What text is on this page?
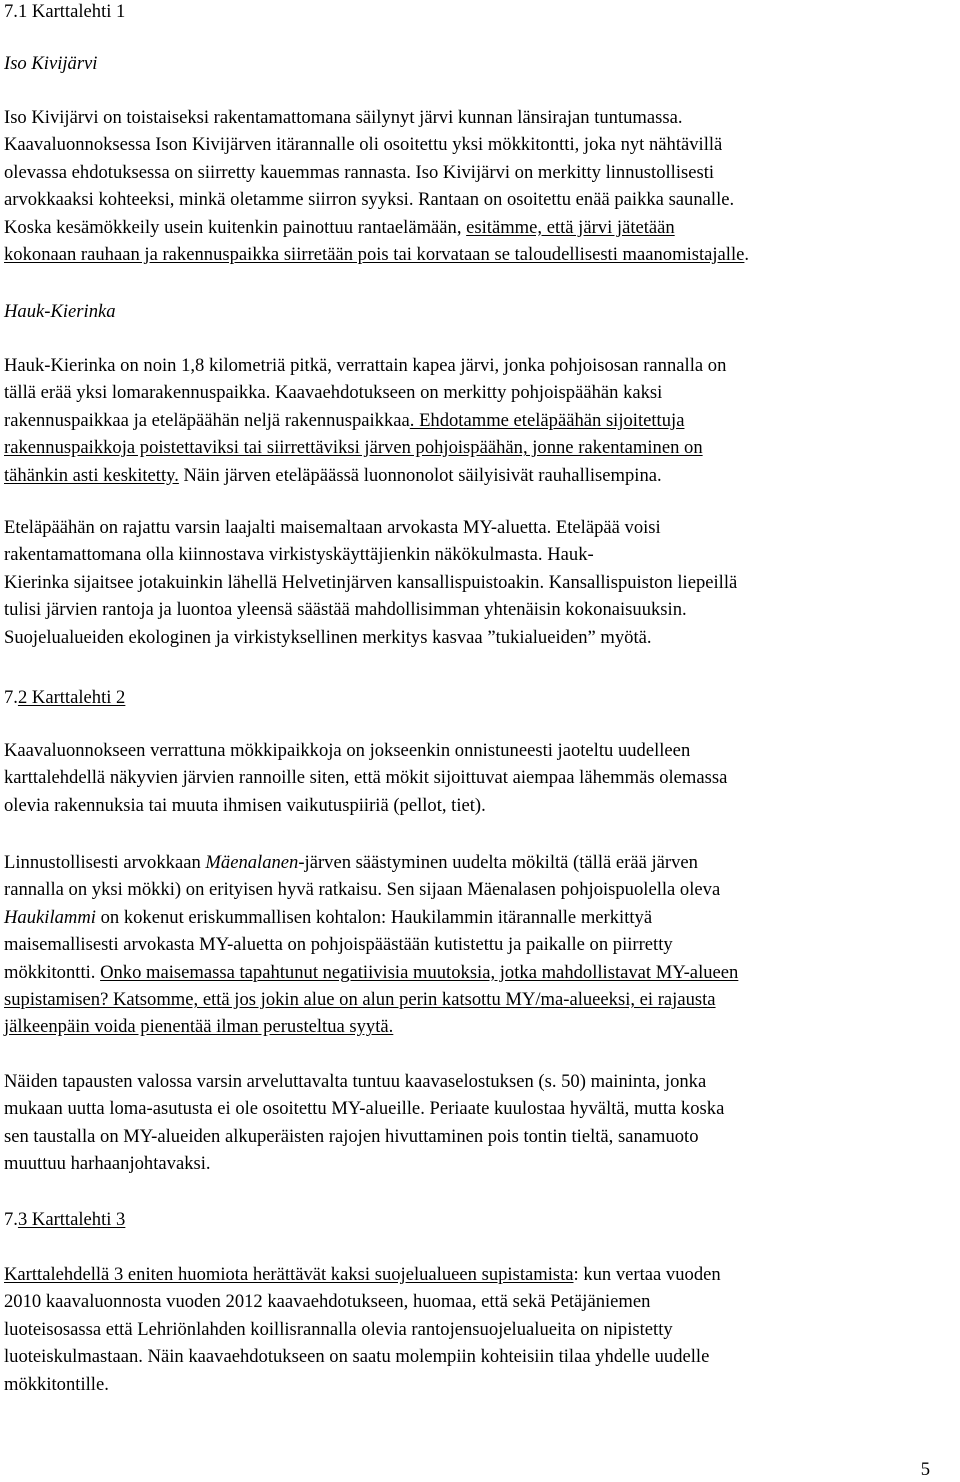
7.1 Karttalehti 1
Iso Kivijärvi
Iso Kivijärvi on toistaiseksi rakentamattomana säilynyt järvi kunnan länsirajan tuntumassa.
Kaavaluonnoksessa Ison Kivijärven itärannalle oli osoitettu yksi mökkitontti, joka nyt nähtävillä
olevassa ehdotuksessa on siirretty kauemmas rannasta. Iso Kivijärvi on merkitty linnustollisesti
arvokkaaksi kohteeksi, minkä oletamme siirron syyksi. Rantaan on osoitettu enää paikka saunalle.
Koska kesämökkeily usein kuitenkin painottuu rantaelämään, esitämme, että järvi jätetään
kokonaan rauhaan ja rakennuspaikka siirretään pois tai korvataan se taloudellisesti maanomistajalle.
Hauk-Kierinka
Hauk-Kierinka on noin 1,8 kilometriä pitkä, verrattain kapea järvi, jonka pohjoisosan rannalla on
tällä erää yksi lomarakennuspaikka. Kaavaehdotukseen on merkitty pohjoispäähän kaksi
rakennuspaikkaa ja eteläpäähän neljä rakennuspaikkaa. Ehdotamme eteläpäähän sijoitettuja
rakennuspaikkoja poistettaviksi tai siirrettäviksi järven pohjoispäähän, jonne rakentaminen on
tähänkin asti keskitetty. Näin järven eteläpäässä luonnonolot säilyisivät rauhallisempina.
Eteläpäähän on rajattu varsin laajalti maisemaltaan arvokasta MY-aluetta. Eteläpää voisi
rakentamattomana olla kiinnostava virkistyskäyttäjienkin näkökulmasta. Hauk-
Kierinka sijaitsee jotakuinkin lähellä Helvetinjärven kansallispuistoakin. Kansallispuiston liepeillä
tulisi järvien rantoja ja luontoa yleensä säästää mahdollisimman yhtenäisin kokonaisuuksin.
Suojelualueiden ekologinen ja virkistyksellinen merkitys kasvaa ”tukialueiden” myötä.
7.2 Karttalehti 2
Kaavaluonnokseen verrattuna mökkipaikkoja on jokseenkin onnistuneesti jaoteltu uudelleen
karttalehdellä näkyvien järvien rannoille siten, että mökit sijoittuvat aiempaa lähemmäs olemassa
olevia rakennuksia tai muuta ihmisen vaikutuspiiriä (pellot, tiet).
Linnustollisesti arvokkaan Mäenalanen-järven säästyminen uudelta mökiltä (tällä erää järven
rannalla on yksi mökki) on erityisen hyvä ratkaisu. Sen sijaan Mäenalasen pohjoispuolella oleva
Haukilammi on kokenut eriskummallisen kohtalon: Haukilammin itärannalle merkittyä
maisemallisesti arvokasta MY-aluetta on pohjoispäästään kutistettu ja paikalle on piirretty
mökkitontti. Onko maisemassa tapahtunut negatiivisia muutoksia, jotka mahdollistavat MY-alueen
supistamisen? Katsomme, että jos jokin alue on alun perin katsottu MY/ma-alueeksi, ei rajausta
jälkeenpäin voida pienentää ilman perusteltua syytä.
Näiden tapausten valossa varsin arveluttavalta tuntuu kaavaselostuksen (s. 50) maininta, jonka
mukaan uutta loma-asutusta ei ole osoitettu MY-alueille. Periaate kuulostaa hyvältä, mutta koska
sen taustalla on MY-alueiden alkuperäisten rajojen hivuttaminen pois tontin tieltä, sanamuoto
muuttuu harhaanjohtavaksi.
7.3 Karttalehti 3
Karttalehdellä 3 eniten huomiota herättävät kaksi suojelualueen supistamista: kun vertaa vuoden
2010 kaavaluonnosta vuoden 2012 kaavaehdotukseen, huomaa, että sekä Petäjäniemen
luoteisosassa että Lehriönlahden koillisrannalla olevia rantojensuojelualueita on nipistetty
luoteiskulmastaan. Näin kaavaehdotukseen on saatu molempiin kohteisiin tilaa yhdelle uudelle
mökkitontille.
5
